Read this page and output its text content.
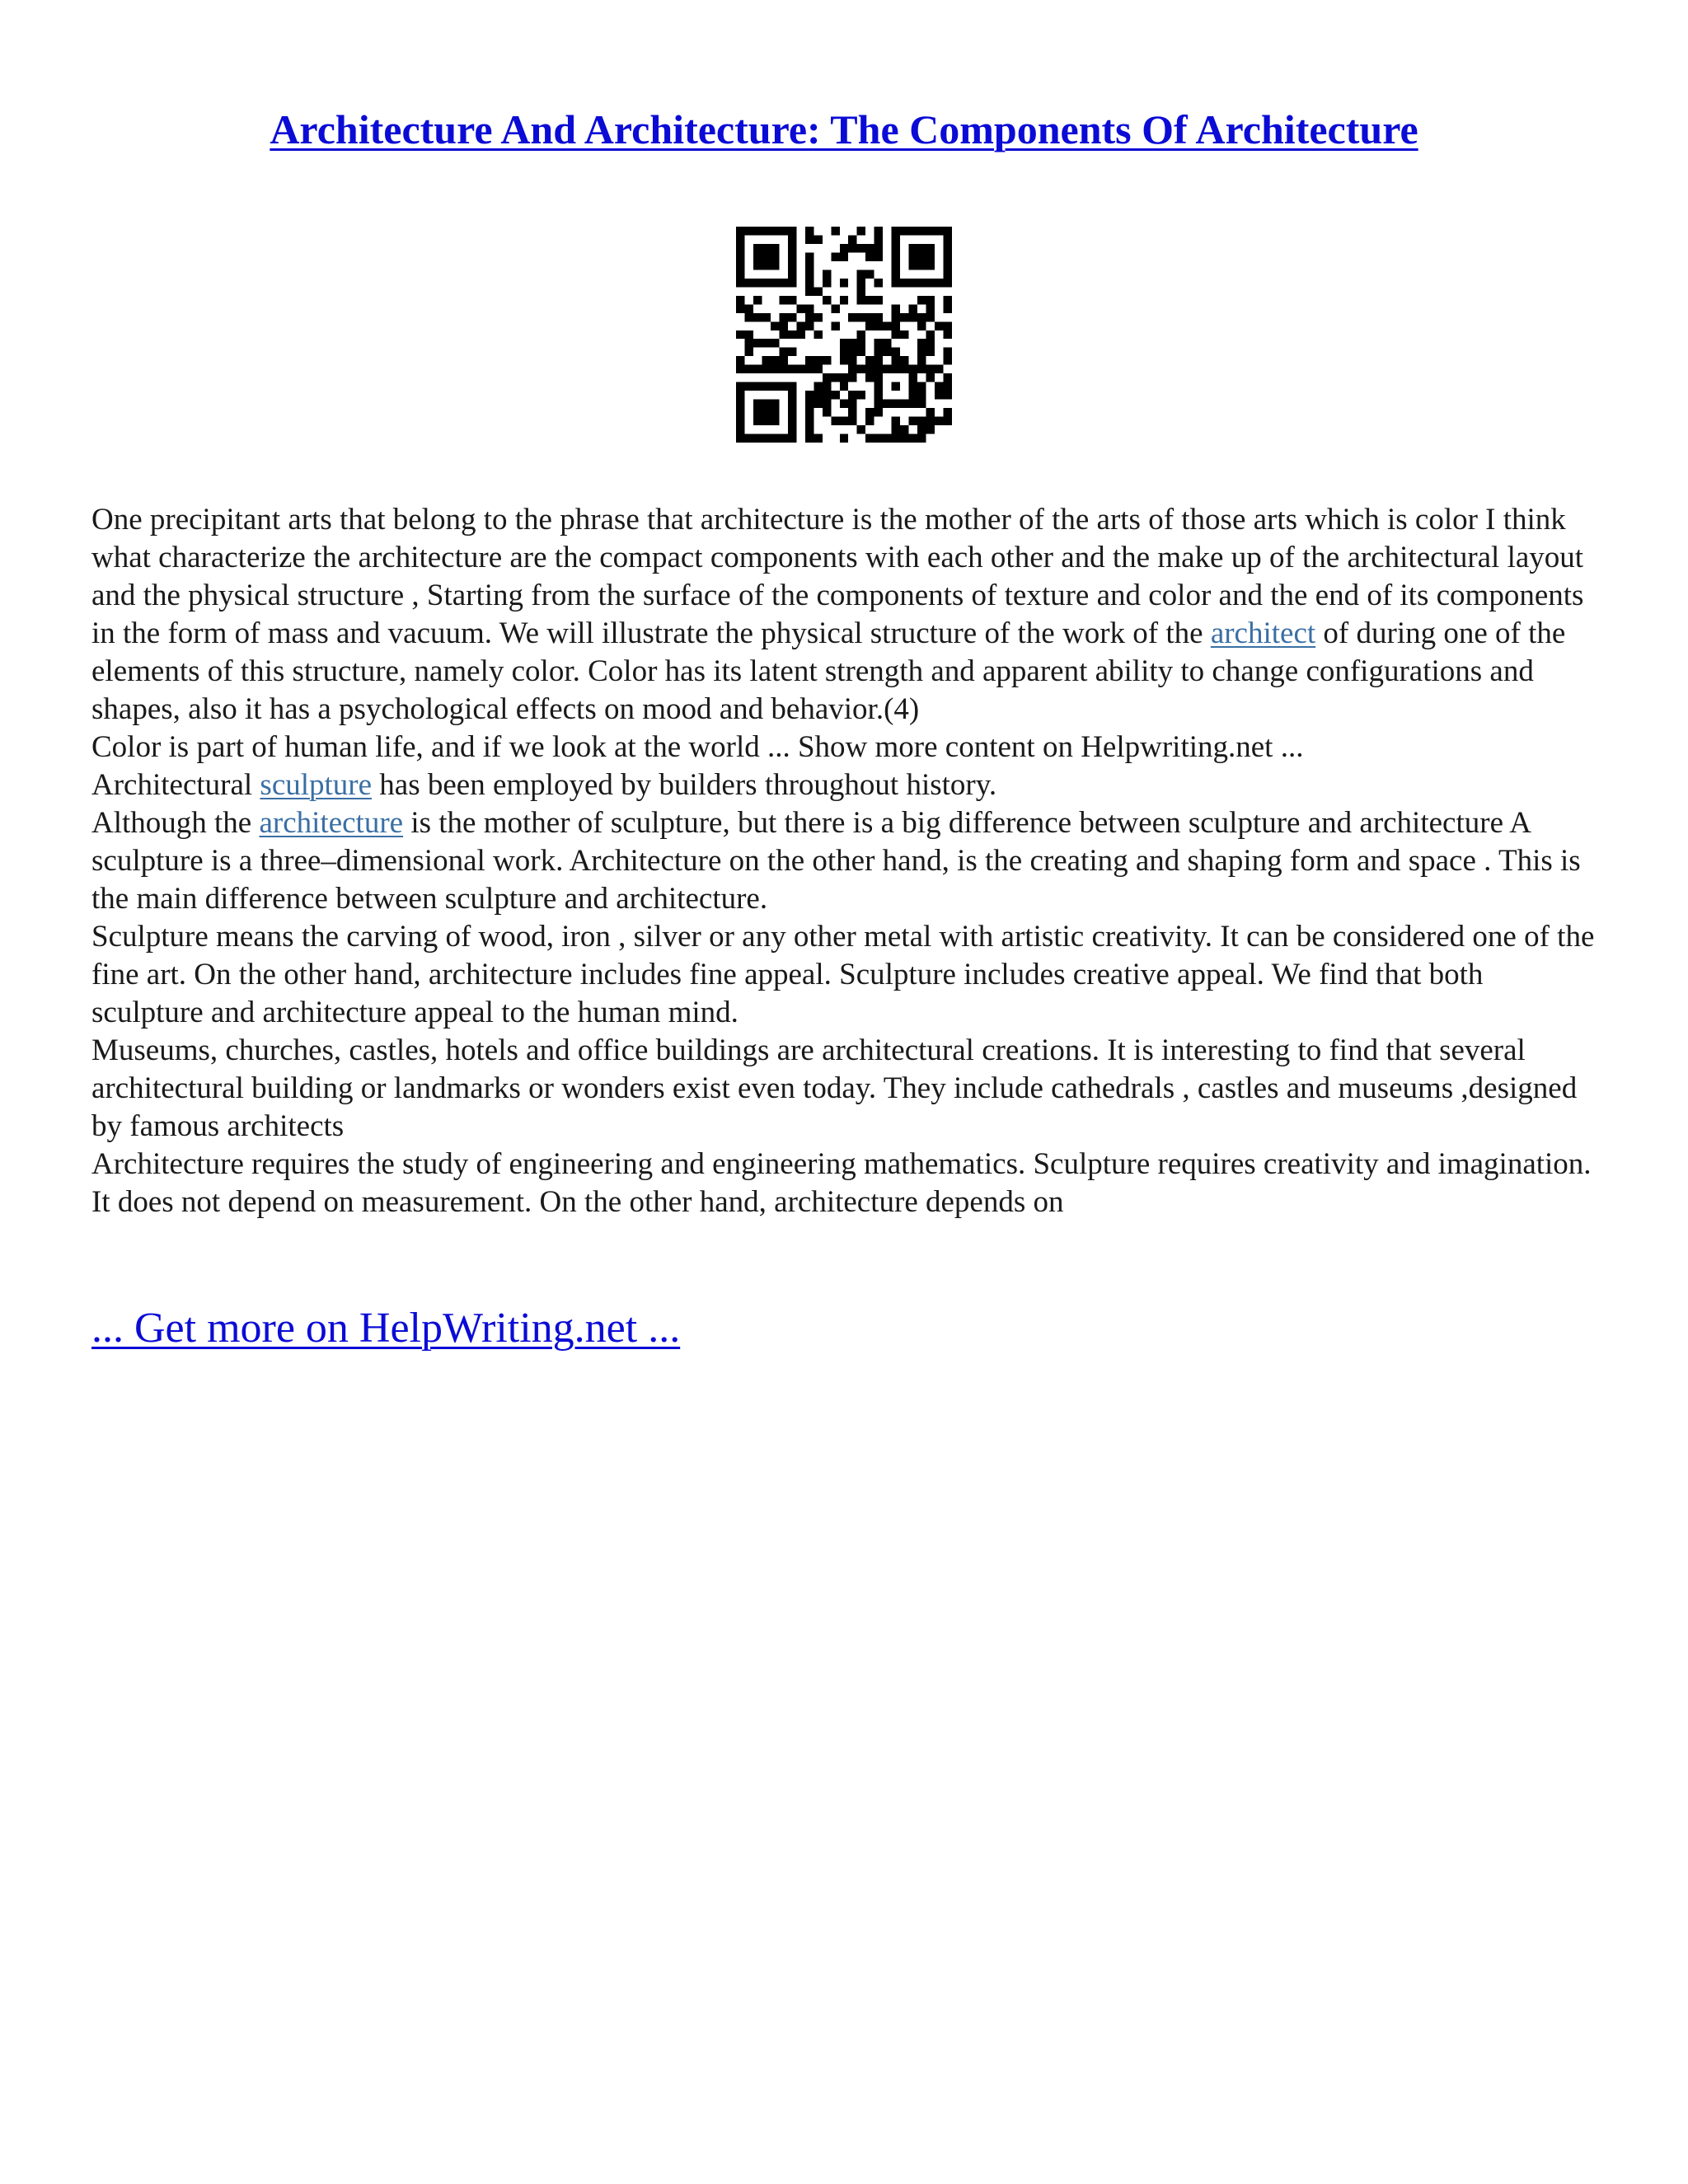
Architecture And Architecture: The Components Of Architecture

One precipitant arts that belong to the phrase that architecture is the mother of the arts of those arts which is color I think what characterize the architecture are the compact components with each other and the make up of the architectural layout and the physical structure , Starting from the surface of the components of texture and color and the end of its components in the form of mass and vacuum. We will illustrate the physical structure of the work of the architect of during one of the elements of this structure, namely color. Color has its latent strength and apparent ability to change configurations and shapes, also it has a psychological effects on mood and behavior.(4)

Color is part of human life, and if we look at the world ... Show more content on Helpwriting.net ...

Architectural sculpture has been employed by builders throughout history.

Although the architecture is the mother of sculpture, but there is a big difference between sculpture and architecture A sculpture is a three–dimensional work. Architecture on the other hand, is the creating and shaping form and space . This is the main difference between sculpture and architecture.

Sculpture means the carving of wood, iron , silver or any other metal with artistic creativity. It can be considered one of the fine art. On the other hand, architecture includes fine appeal. Sculpture includes creative appeal. We find that both sculpture and architecture appeal to the human mind.

Museums, churches, castles, hotels and office buildings are architectural creations. It is interesting to find that several architectural building or landmarks or wonders exist even today. They include cathedrals , castles and museums ,designed by famous architects

Architecture requires the study of engineering and engineering mathematics. Sculpture requires creativity and imagination. It does not depend on measurement. On the other hand, architecture depends on

... Get more on HelpWriting.net ...
